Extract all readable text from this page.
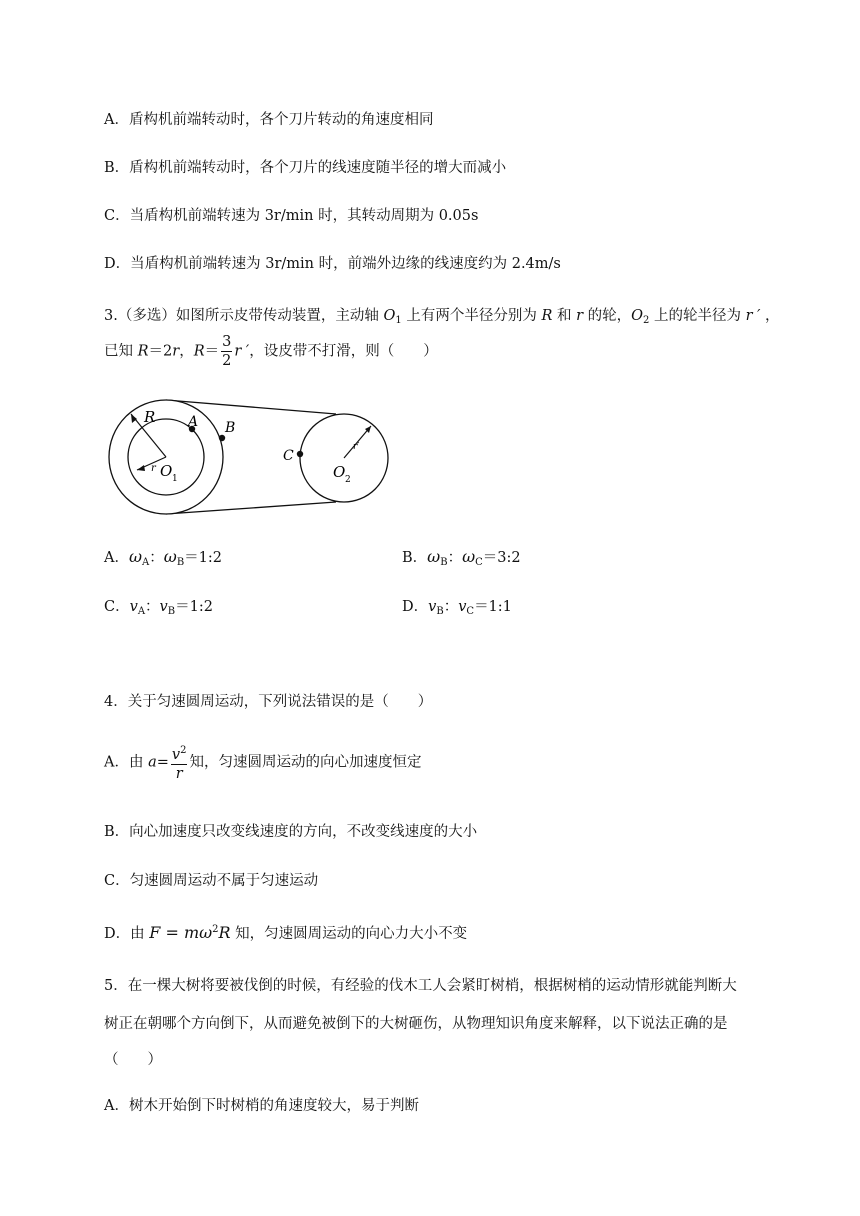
A．盾构机前端转动时，各个刀片转动的角速度相同
B．盾构机前端转动时，各个刀片的线速度随半径的增大而减小
C．当盾构机前端转速为 3r/min 时，其转动周期为 0.05s
D．当盾构机前端转速为 3r/min 时，前端外边缘的线速度约为 2.4m/s
3.（多选）如图所示皮带传动装置，主动轴 $O_1$ 上有两个半径分别为 R 和 r 的轮，$O_2$ 上的轮半径为 r ′ ，
已知 R＝2r，$R= \frac{3}{2}$ r ′，设皮带不打滑，则（　　）
R A B
C
r O 1	O 2
r′
A．$\omega_A$：$\omega_B=1:2$	B．$\omega_B$：$\omega_C=3:2$
C．$v_A$：$v_B=1:2$	D．$v_B$：$v_C=1:1$
4．关于匀速圆周运动，下列说法错误的是（　　）
A．由 $a= \frac{v^2}{r}$ 知，匀速圆周运动的向心加速度恒定
B．向心加速度只改变线速度的方向，不改变线速度的大小
C．匀速圆周运动不属于匀速运动
D．由 $F = m\omega^2R$ 知，匀速圆周运动的向心力大小不变
5．在一棵大树将要被伐倒的时候，有经验的伐木工人会紧盯树梢，根据树梢的运动情形就能判断大
树正在朝哪个方向倒下，从而避免被倒下的大树砸伤，从物理知识角度来解释，以下说法正确的是
（　　）
A．树木开始倒下时树梢的角速度较大，易于判断
